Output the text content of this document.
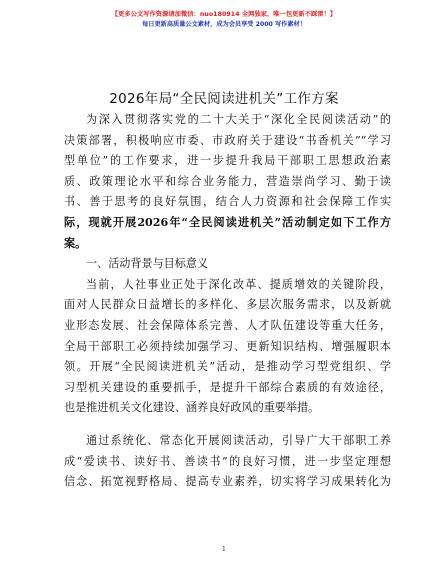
【更多公文写作资源请加微信：nuo180914 全网独家，唯一包更新不踩雷！】
每日更新高质量公文素材，成为会员享受 2000 写作素材！
2026年局“全民阅读进机关”工作方案
为深入贯彻落实党的二十大关于“深化全民阅读活动”的
决策部署，积极响应市委、市政府关于建设“书香机关”“学习
型单位”的工作要求，进一步提升我局干部职工思想政治素
质、政策理论水平和综合业务能力，营造崇尚学习、勤于读
书、善于思考的良好氛围，结合人力资源和社会保障工作实
际，现就开展2026年“全民阅读进机关”活动制定如下工作方
案。
一、活动背景与目标意义
当前，人社事业正处于深化改革、提质增效的关键阶段，
面对人民群众日益增长的多样化、多层次服务需求，以及新就
业形态发展、社会保障体系完善、人才队伍建设等重大任务，
全局干部职工必须持续加强学习、更新知识结构、增强履职本
领。开展“全民阅读进机关”活动，是推动学习型党组织、学
习型机关建设的重要抓手，是提升干部综合素质的有效途径，
也是推进机关文化建设、涵养良好政风的重要举措。
通过系统化、常态化开展阅读活动，引导广大干部职工养
成“爱读书、读好书、善读书”的良好习惯，进一步坚定理想
信念、拓宽视野格局、提高专业素养，切实将学习成果转化为
1
